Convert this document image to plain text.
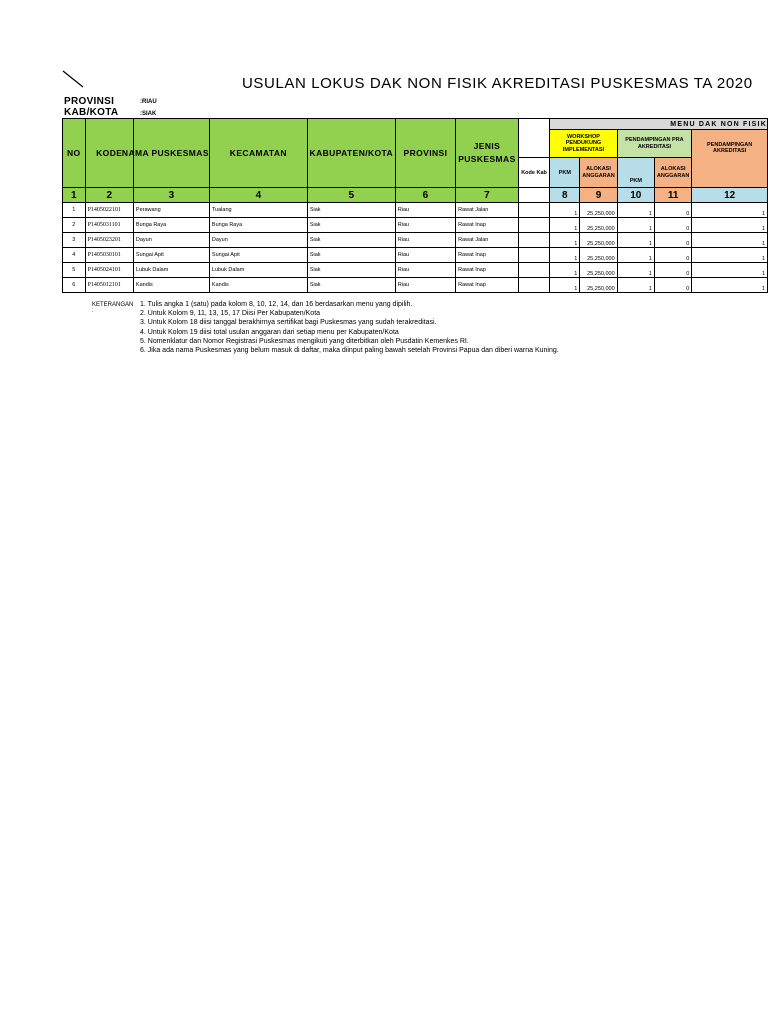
USULAN LOKUS DAK NON FISIK AKREDITASI PUSKESMAS TA 2020
PROVINSI	:RIAU
KAB/KOTA	:SIAK
NO	KODE	NAMA PUSKESMAS	KECAMATAN	KABUPATEN/KOTA	PROVINSI	JENIS PUSKESMAS		MENU DAK NON FISIK				
								WORKSHOP PENDUKUNG IMPLEMENTASI		PENDAMPINGAN PRA AKREDITASI		PENDAMPINGAN AKREDITASI
							Kode Kab	PKM	ALOKASI ANGGARAN	PKM	ALOKASI ANGGARAN	
1	2	3	4	5	6	7		8	9	10	11	12
1	P1405022101	Perawang	Tualang	Siak	Riau	Rawat Jalan		1	25,250,000	1	0	1
2	P1405031101	Bunga Raya	Bunga Raya	Siak	Riau	Rawat Inap		1	25,250,000	1	0	1
3	P1405023201	Dayun	Dayun	Siak	Riau	Rawat Jalan		1	25,250,000	1	0	1
4	P1405030101	Sungai Apit	Sungai Apit	Siak	Riau	Rawat Inap		1	25,250,000	1	0	1
5	P1405024101	Lubuk Dalam	Lubuk Dalam	Siak	Riau	Rawat Inap		1	25,250,000	1	0	1
6	P1405012101	Kandis	Kandis	Siak	Riau	Rawat Inap		1	25,250,000	1	0	1
KETERANGAN :
1. Tulis angka 1 (satu) pada kolom 8, 10, 12, 14, dan 16 berdasarkan menu yang dipilih.
2. Untuk Kolom 9, 11, 13, 15, 17 Diisi Per Kabupaten/Kota
3. Untuk Kolom 18 diisi tanggal berakhirnya sertifikat bagi Puskesmas yang sudah terakreditasi.
4. Untuk Kolom 19 diisi total usulan anggaran dari setiap menu per Kabupaten/Kota
5. Nomenklatur dan Nomor Registrasi Puskesmas mengikuti yang diterbitkan oleh Pusdatin Kemenkes RI.
6. Jika ada nama Puskesmas yang belum masuk di daftar, maka diinput paling bawah setelah Provinsi Papua dan diberi warna Kuning.
